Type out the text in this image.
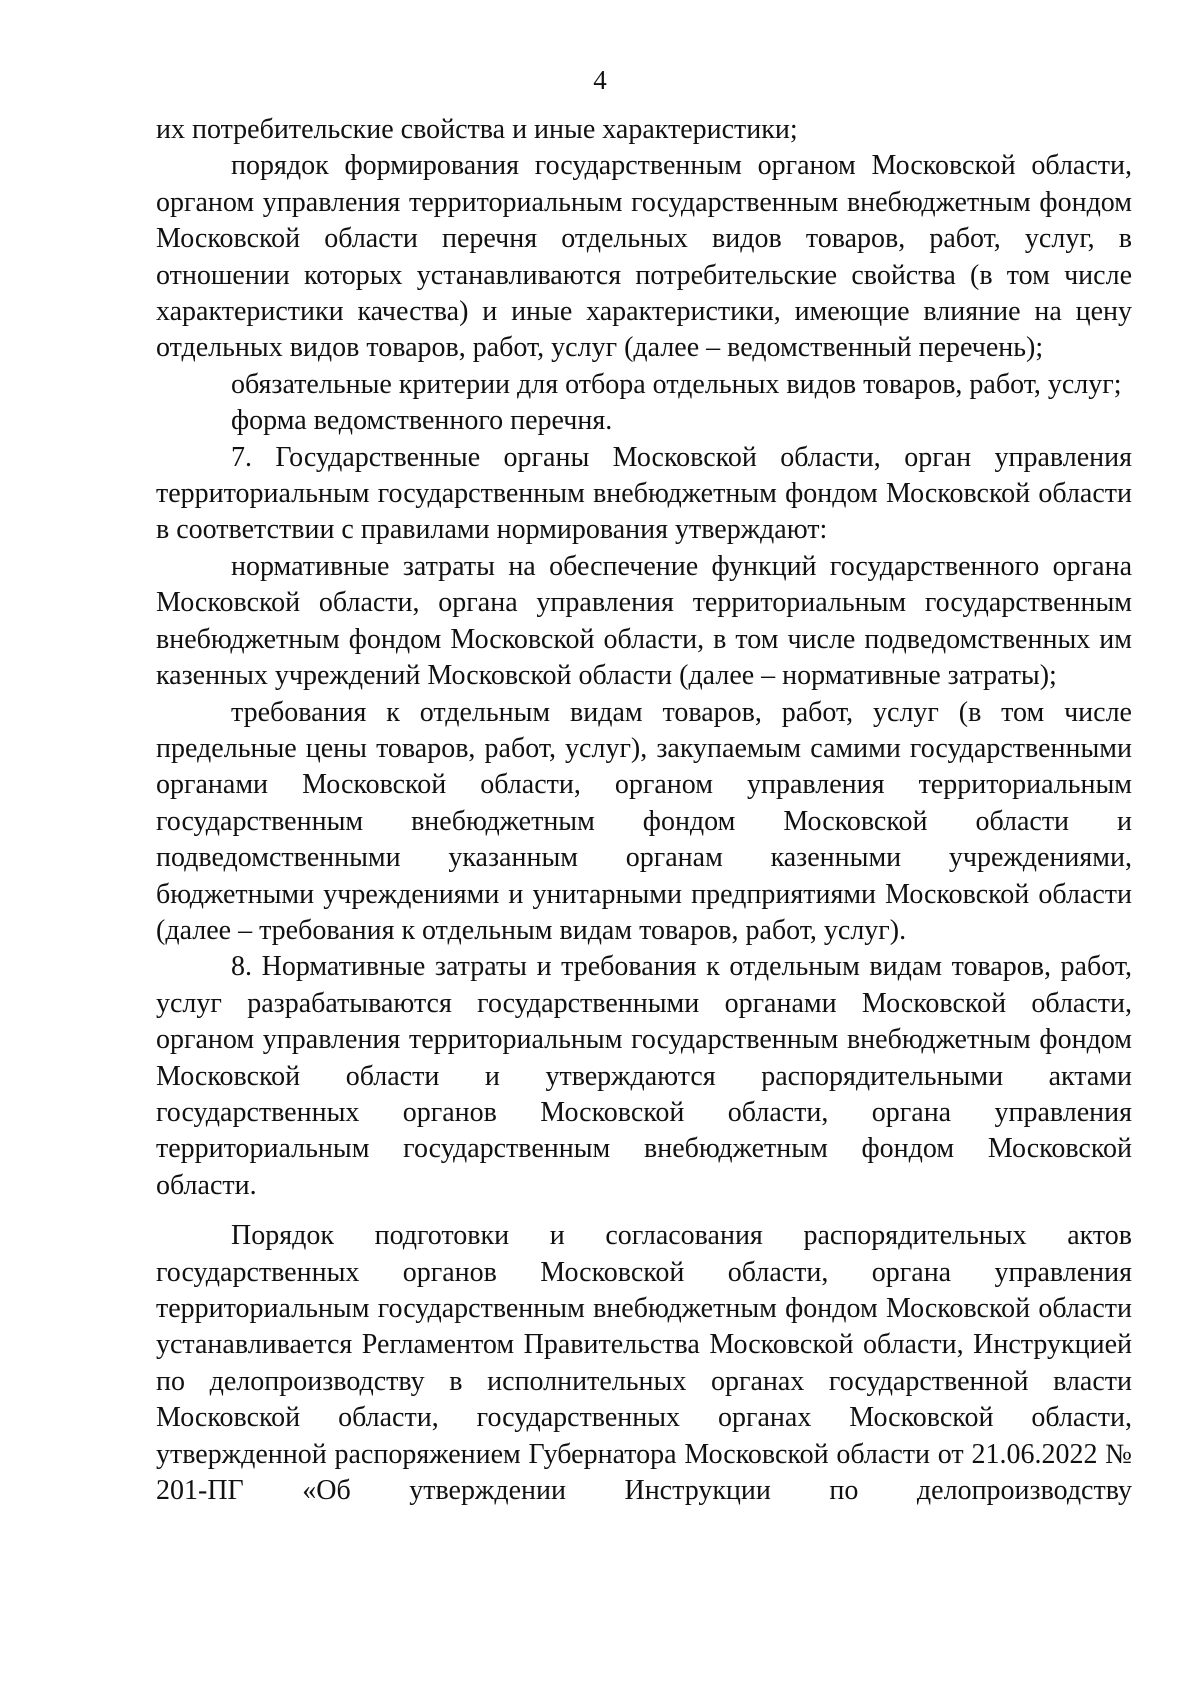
4

их потребительские свойства и иные характеристики;

порядок формирования государственным органом Московской области, органом управления территориальным государственным внебюджетным фондом Московской области перечня отдельных видов товаров, работ, услуг, в отношении которых устанавливаются потребительские свойства (в том числе характеристики качества) и иные характеристики, имеющие влияние на цену отдельных видов товаров, работ, услуг (далее – ведомственный перечень);

обязательные критерии для отбора отдельных видов товаров, работ, услуг;

форма ведомственного перечня.

7. Государственные органы Московской области, орган управления территориальным государственным внебюджетным фондом Московской области в соответствии с правилами нормирования утверждают:

нормативные затраты на обеспечение функций государственного органа Московской области, органа управления территориальным государственным внебюджетным фондом Московской области, в том числе подведомственных им казенных учреждений Московской области (далее – нормативные затраты);

требования к отдельным видам товаров, работ, услуг (в том числе предельные цены товаров, работ, услуг), закупаемым самими государственными органами Московской области, органом управления территориальным государственным внебюджетным фондом Московской области и подведомственными указанным органам казенными учреждениями, бюджетными учреждениями и унитарными предприятиями Московской области (далее – требования к отдельным видам товаров, работ, услуг).

8. Нормативные затраты и требования к отдельным видам товаров, работ, услуг разрабатываются государственными органами Московской области, органом управления территориальным государственным внебюджетным фондом Московской области и утверждаются распорядительными актами государственных органов Московской области, органа управления территориальным государственным внебюджетным фондом Московской области.

Порядок подготовки и согласования распорядительных актов государственных органов Московской области, органа управления территориальным государственным внебюджетным фондом Московской области устанавливается Регламентом Правительства Московской области, Инструкцией по делопроизводству в исполнительных органах государственной власти Московской области, государственных органах Московской области, утвержденной распоряжением Губернатора Московской области от 21.06.2022 № 201-ПГ «Об утверждении Инструкции по делопроизводству
